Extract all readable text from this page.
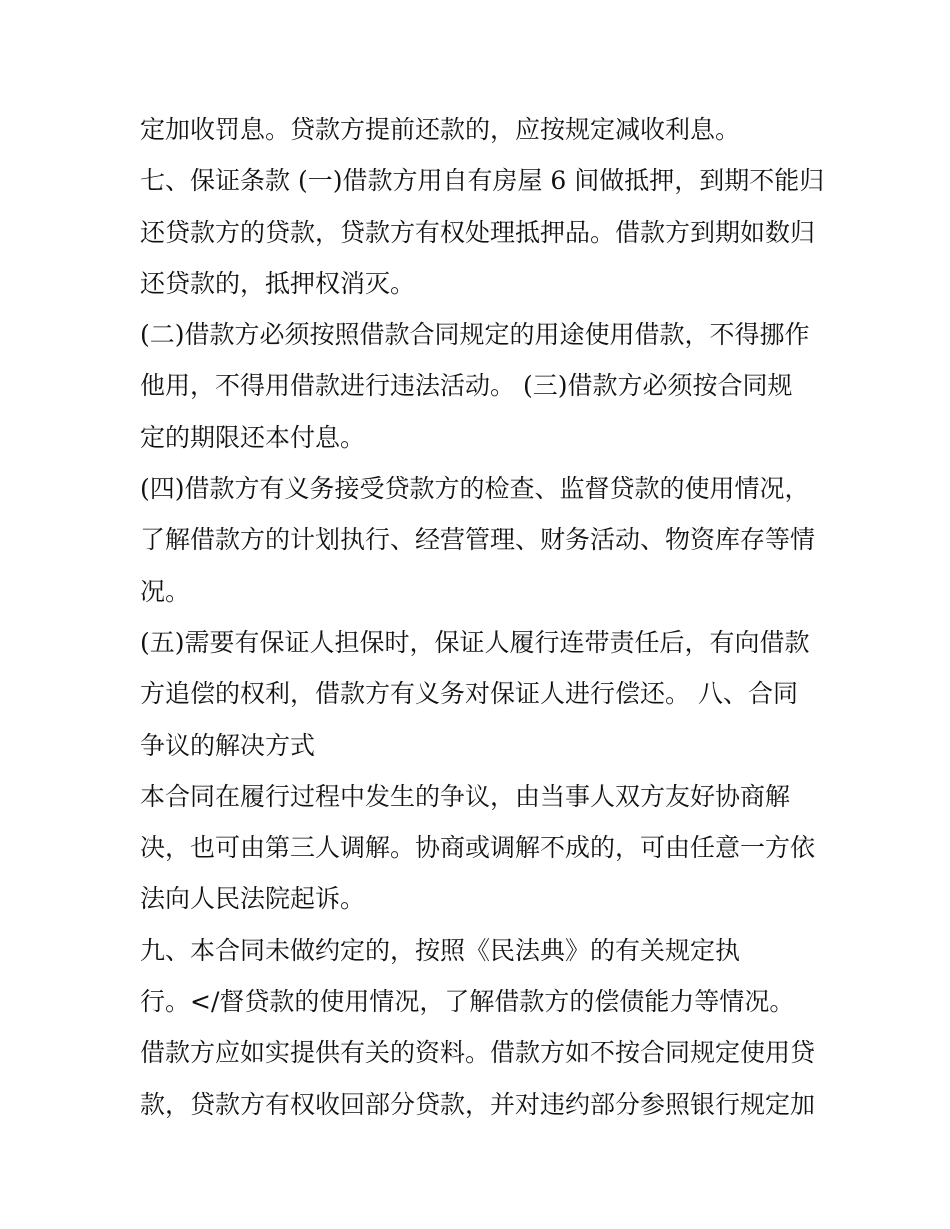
定加收罚息。贷款方提前还款的，应按规定减收利息。
七、保证条款 (一)借款方用自有房屋 6 间做抵押，到期不能归
还贷款方的贷款，贷款方有权处理抵押品。借款方到期如数归
还贷款的，抵押权消灭。
(二)借款方必须按照借款合同规定的用途使用借款，不得挪作
他用，不得用借款进行违法活动。 (三)借款方必须按合同规
定的期限还本付息。
(四)借款方有义务接受贷款方的检查、监督贷款的使用情况，
了解借款方的计划执行、经营管理、财务活动、物资库存等情
况。
(五)需要有保证人担保时，保证人履行连带责任后，有向借款
方追偿的权利，借款方有义务对保证人进行偿还。 八、合同
争议的解决方式
本合同在履行过程中发生的争议，由当事人双方友好协商解
决，也可由第三人调解。协商或调解不成的，可由任意一方依
法向人民法院起诉。
九、本合同未做约定的，按照《民法典》的有关规定执
行。</督贷款的使用情况，了解借款方的偿债能力等情况。
借款方应如实提供有关的资料。借款方如不按合同规定使用贷
款，贷款方有权收回部分贷款，并对违约部分参照银行规定加
